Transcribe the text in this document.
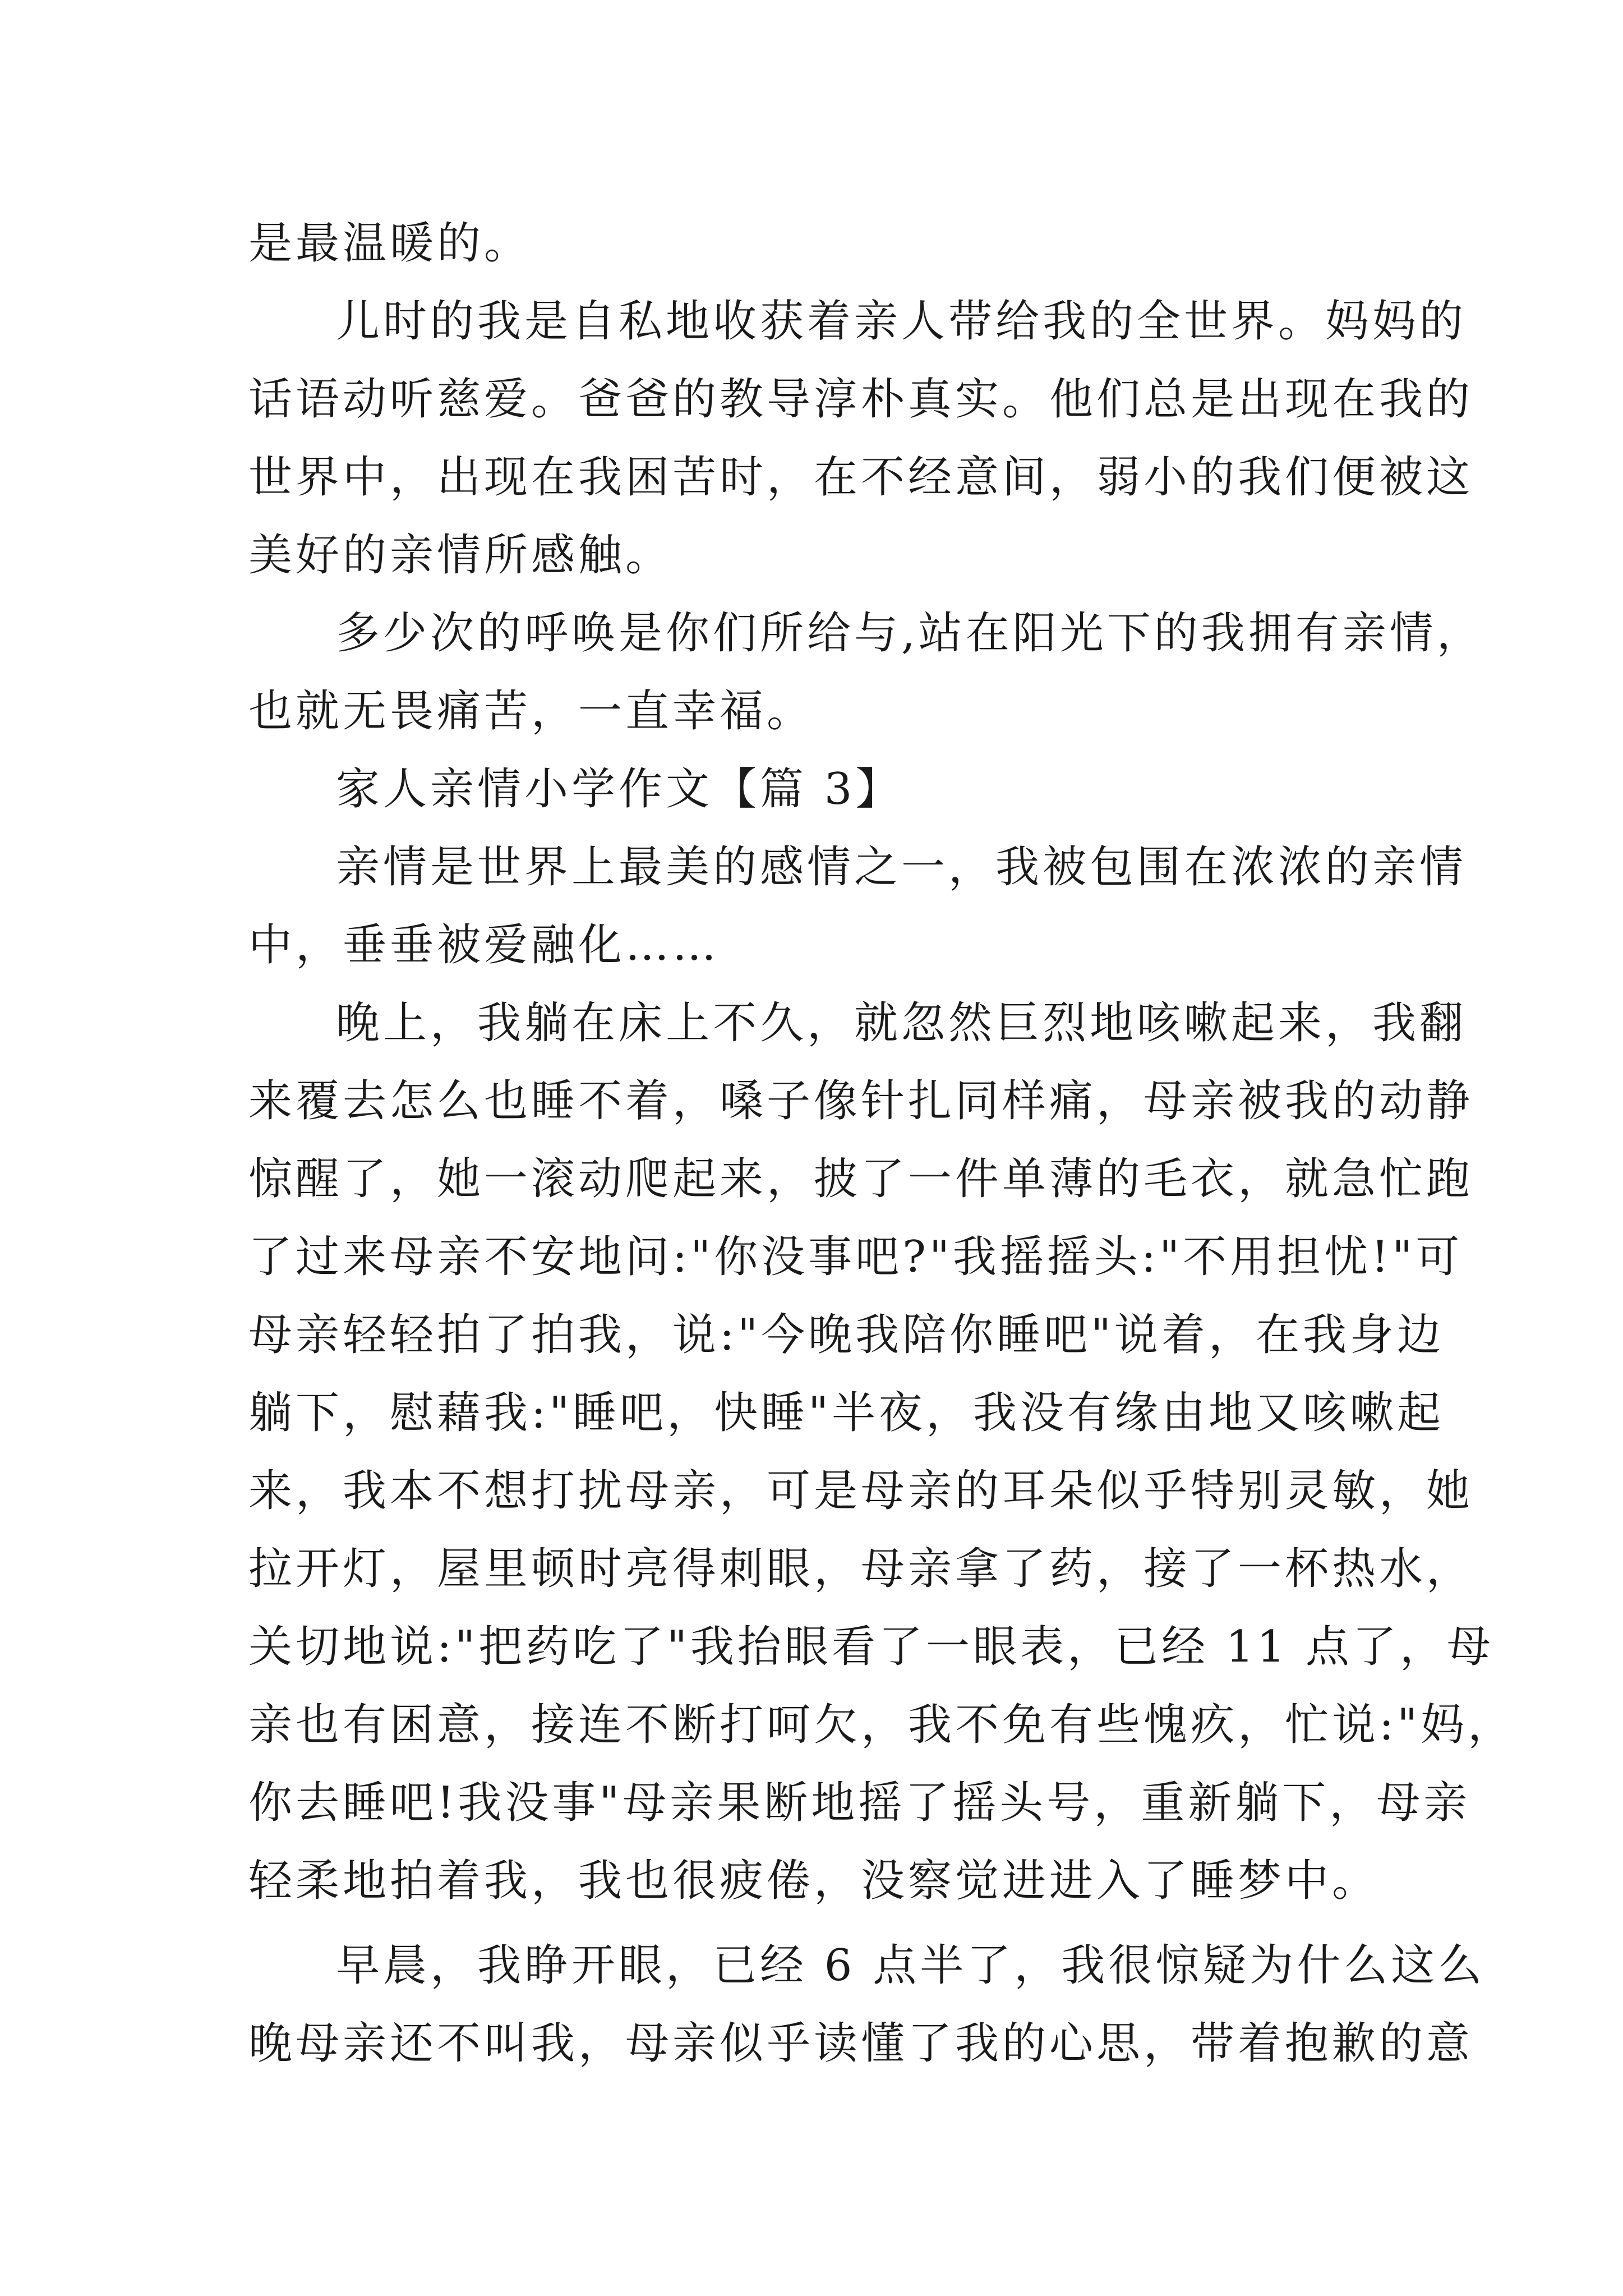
是最温暖的。
儿时的我是自私地收获着亲人带给我的全世界。妈妈的
话语动听慈爱。爸爸的教导淳朴真实。他们总是出现在我的
世界中，出现在我困苦时，在不经意间，弱小的我们便被这
美好的亲情所感触。
多少次的呼唤是你们所给与,站在阳光下的我拥有亲情，
也就无畏痛苦，一直幸福。
家人亲情小学作文【篇 3】
亲情是世界上最美的感情之一，我被包围在浓浓的亲情
中，垂垂被爱融化……
晚上，我躺在床上不久，就忽然巨烈地咳嗽起来，我翻
来覆去怎么也睡不着，嗓子像针扎同样痛，母亲被我的动静
惊醒了，她一滚动爬起来，披了一件单薄的毛衣，就急忙跑
了过来母亲不安地问:"你没事吧?"我摇摇头:"不用担忧!"可
母亲轻轻拍了拍我，说:"今晚我陪你睡吧"说着，在我身边
躺下，慰藉我:"睡吧，快睡"半夜，我没有缘由地又咳嗽起
来，我本不想打扰母亲，可是母亲的耳朵似乎特别灵敏，她
拉开灯，屋里顿时亮得刺眼，母亲拿了药，接了一杯热水，
关切地说:"把药吃了"我抬眼看了一眼表，已经 11 点了，母
亲也有困意，接连不断打呵欠，我不免有些愧疚，忙说:"妈，
你去睡吧!我没事"母亲果断地摇了摇头号，重新躺下，母亲
轻柔地拍着我，我也很疲倦，没察觉进进入了睡梦中。
早晨，我睁开眼，已经 6 点半了，我很惊疑为什么这么
晚母亲还不叫我，母亲似乎读懂了我的心思，带着抱歉的意
